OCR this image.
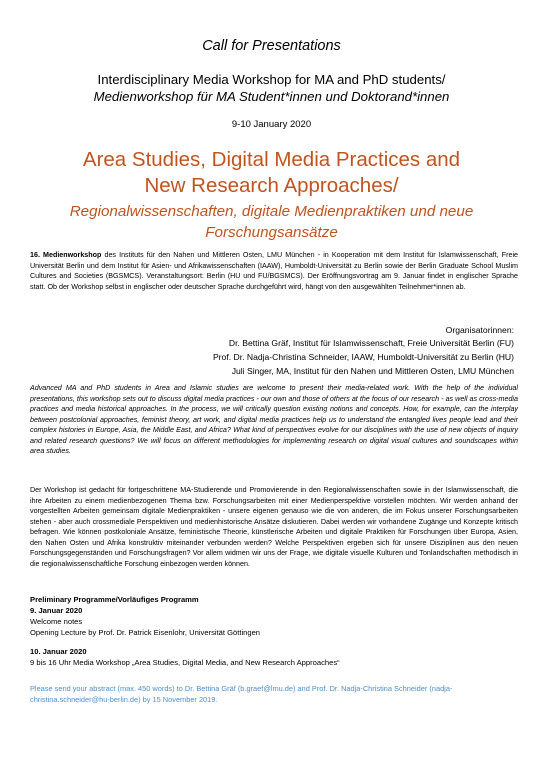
Call for Presentations
Interdisciplinary Media Workshop for MA and PhD students/
Medienworkshop für MA Student*innen und Doktorand*innen
9-10 January 2020
Area Studies, Digital Media Practices and
New Research Approaches/
Regionalwissenschaften, digitale Medienpraktiken und neue
Forschungsansätze
16. Medienworkshop des Instituts für den Nahen und Mittleren Osten, LMU München - in Kooperation mit dem Institut für Islamwissenschaft, Freie Universität Berlin und dem Institut für Asien- und Afrikawissenschaften (IAAW), Humboldt-Universität zu Berlin sowie der Berlin Graduate School Muslim Cultures and Societies (BGSMCS). Veranstaltungsort: Berlin (HU und FU/BGSMCS). Der Eröffnungsvortrag am 9. Januar findet in englischer Sprache statt. Ob der Workshop selbst in englischer oder deutscher Sprache durchgeführt wird, hängt von den ausgewählten Teilnehmer*innen ab.
Organisatorinnen:
Dr. Bettina Gräf, Institut für Islamwissenschaft, Freie Universität Berlin (FU)
Prof. Dr. Nadja-Christina Schneider, IAAW, Humboldt-Universität zu Berlin (HU)
Juli Singer, MA, Institut für den Nahen und Mittleren Osten, LMU München
Advanced MA and PhD students in Area and Islamic studies are welcome to present their media-related work. With the help of the individual presentations, this workshop sets out to discuss digital media practices - our own and those of others at the focus of our research - as well as cross-media practices and media historical approaches. In the process, we will critically question existing notions and concepts. How, for example, can the interplay between postcolonial approaches, feminist theory, art work, and digital media practices help us to understand the entangled lives people lead and their complex histories in Europe, Asia, the Middle East, and Africa? What kind of perspectives evolve for our disciplines with the use of new objects of inquiry and related research questions? We will focus on different methodologies for implementing research on digital visual cultures and soundscapes within area studies.
Der Workshop ist gedacht für fortgeschrittene MA-Studierende und Promovierende in den Regionalwissenschaften sowie in der Islamwissenschaft, die ihre Arbeiten zu einem medienbezogenen Thema bzw. Forschungsarbeiten mit einer Medienperspektive vorstellen möchten. Wir werden anhand der vorgestellten Arbeiten gemeinsam digitale Medienpraktiken - unsere eigenen genauso wie die von anderen, die im Fokus unserer Forschungsarbeiten stehen - aber auch crossmediale Perspektiven und medienhistorische Ansätze diskutieren. Dabei werden wir vorhandene Zugänge und Konzepte kritisch befragen. Wie können postkoloniale Ansätze, feministische Theorie, künstlerische Arbeiten und digitale Praktiken für Forschungen über Europa, Asien, den Nahen Osten und Afrika konstruktiv miteinander verbunden werden? Welche Perspektiven ergeben sich für unsere Disziplinen aus den neuen Forschungsgegenständen und Forschungsfragen? Vor allem widmen wir uns der Frage, wie digitale visuelle Kulturen und Tonlandschaften methodisch in die regionalwissenschaftliche Forschung einbezogen werden können.
Preliminary Programme/Vorläufiges Programm
9. Januar 2020
Welcome notes
Opening Lecture by Prof. Dr. Patrick Eisenlohr, Universität Göttingen
10. Januar 2020
9 bis 16 Uhr Media Workshop „Area Studies, Digital Media, and New Research Approaches“
Please send your abstract (max. 450 words) to Dr. Bettina Gräf (b.graef@lmu.de) and Prof. Dr. Nadja-Christina Schneider (nadja-christina.schneider@hu-berlin.de) by 15 November 2019.
